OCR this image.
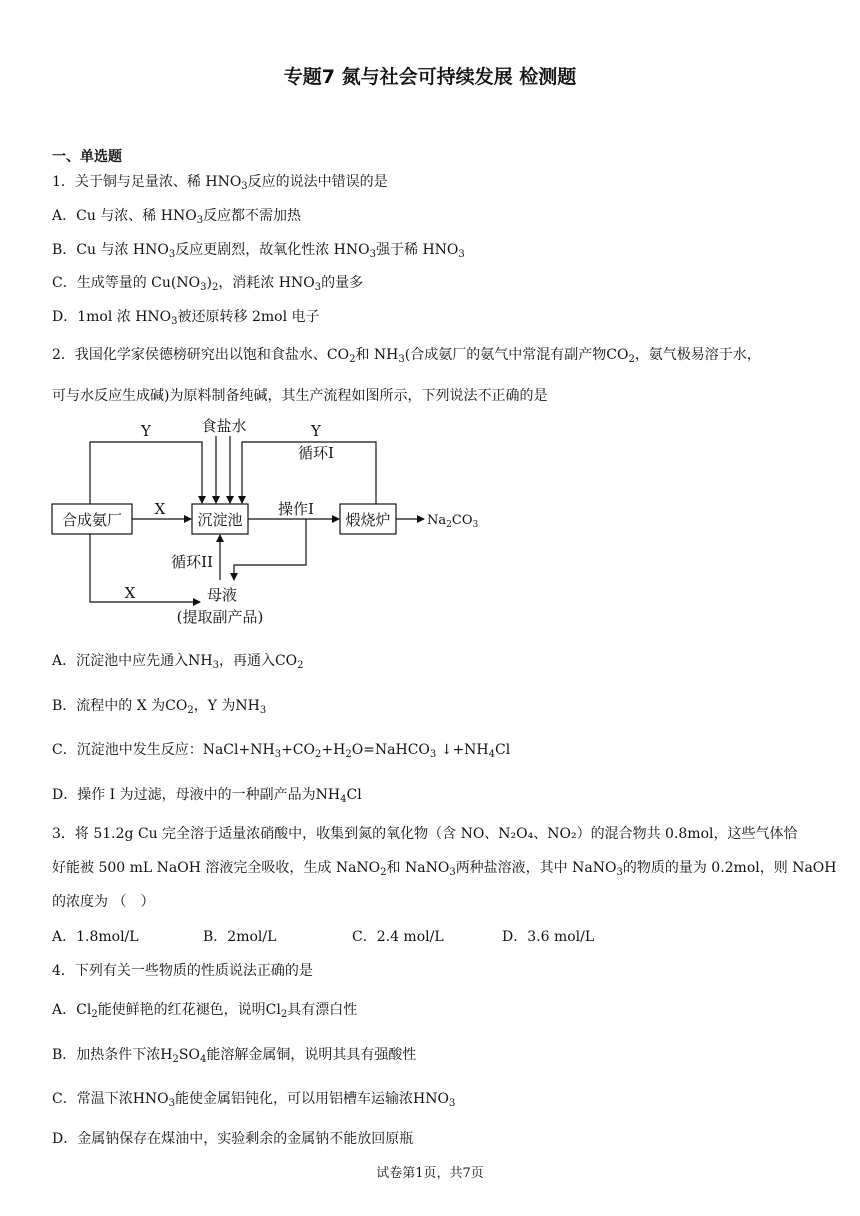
专题7 氮与社会可持续发展 检测题
一、单选题
1．关于铜与足量浓、稀 $HNO_3$反应的说法中错误的是
A．Cu 与浓、稀 $HNO_3$反应都不需加热
B．Cu 与浓 $HNO_3$反应更剧烈，故氧化性浓 $HNO_3$强于稀 $HNO_3$
C．生成等量的 $Cu(NO_3)_2$，消耗浓 $HNO_3$的量多
D．1mol 浓 $HNO_3$被还原转移 2mol 电子
2．我国化学家侯德榜研究出以饱和食盐水、$CO_2$和 $NH_3$(合成氨厂的氨气中常混有副产物$CO_2$，氨气极易溶于水，
可与水反应生成碱)为原料制备纯碱，其生产流程如图所示，下列说法不正确的是
合成氨厂	沉淀池	煅烧炉
食盐水
Y	Y
循环I
X	操作I
循环II
X	母液
(提取副产品)
$Na_2CO_3$
A．沉淀池中应先通入$NH_3$，再通入$CO_2$
B．流程中的 X 为$CO_2$，Y 为$NH_3$
C．沉淀池中发生反应：$NaCl+NH_3+CO_2+H_2O=NaHCO_3$ $↓+NH_4Cl$
D．操作 I 为过滤，母液中的一种副产品为$NH_4Cl$
3．将 51.2g Cu 完全溶于适量浓硝酸中，收集到氮的氧化物（含 NO、N₂O₄、NO₂）的混合物共 0.8mol，这些气体恰
好能被 500 mL NaOH 溶液完全吸收，生成 NaNO$_2$和 NaNO$_3$两种盐溶液，其中 NaNO$_3$的物质的量为 0.2mol，则 NaOH
的浓度为 （　）
A．1.8mol/L	B．2mol/L	C．2.4 mol/L	D．3.6 mol/L
4．下列有关一些物质的性质说法正确的是
A．$Cl_2$能使鲜艳的红花褪色，说明$Cl_2$具有漂白性
B．加热条件下浓$H_2SO_4$能溶解金属铜，说明其具有强酸性
C．常温下浓$HNO_3$能使金属铝钝化，可以用铝槽车运输浓$HNO_3$
D．金属钠保存在煤油中，实验剩余的金属钠不能放回原瓶
试卷第1页，共7页
